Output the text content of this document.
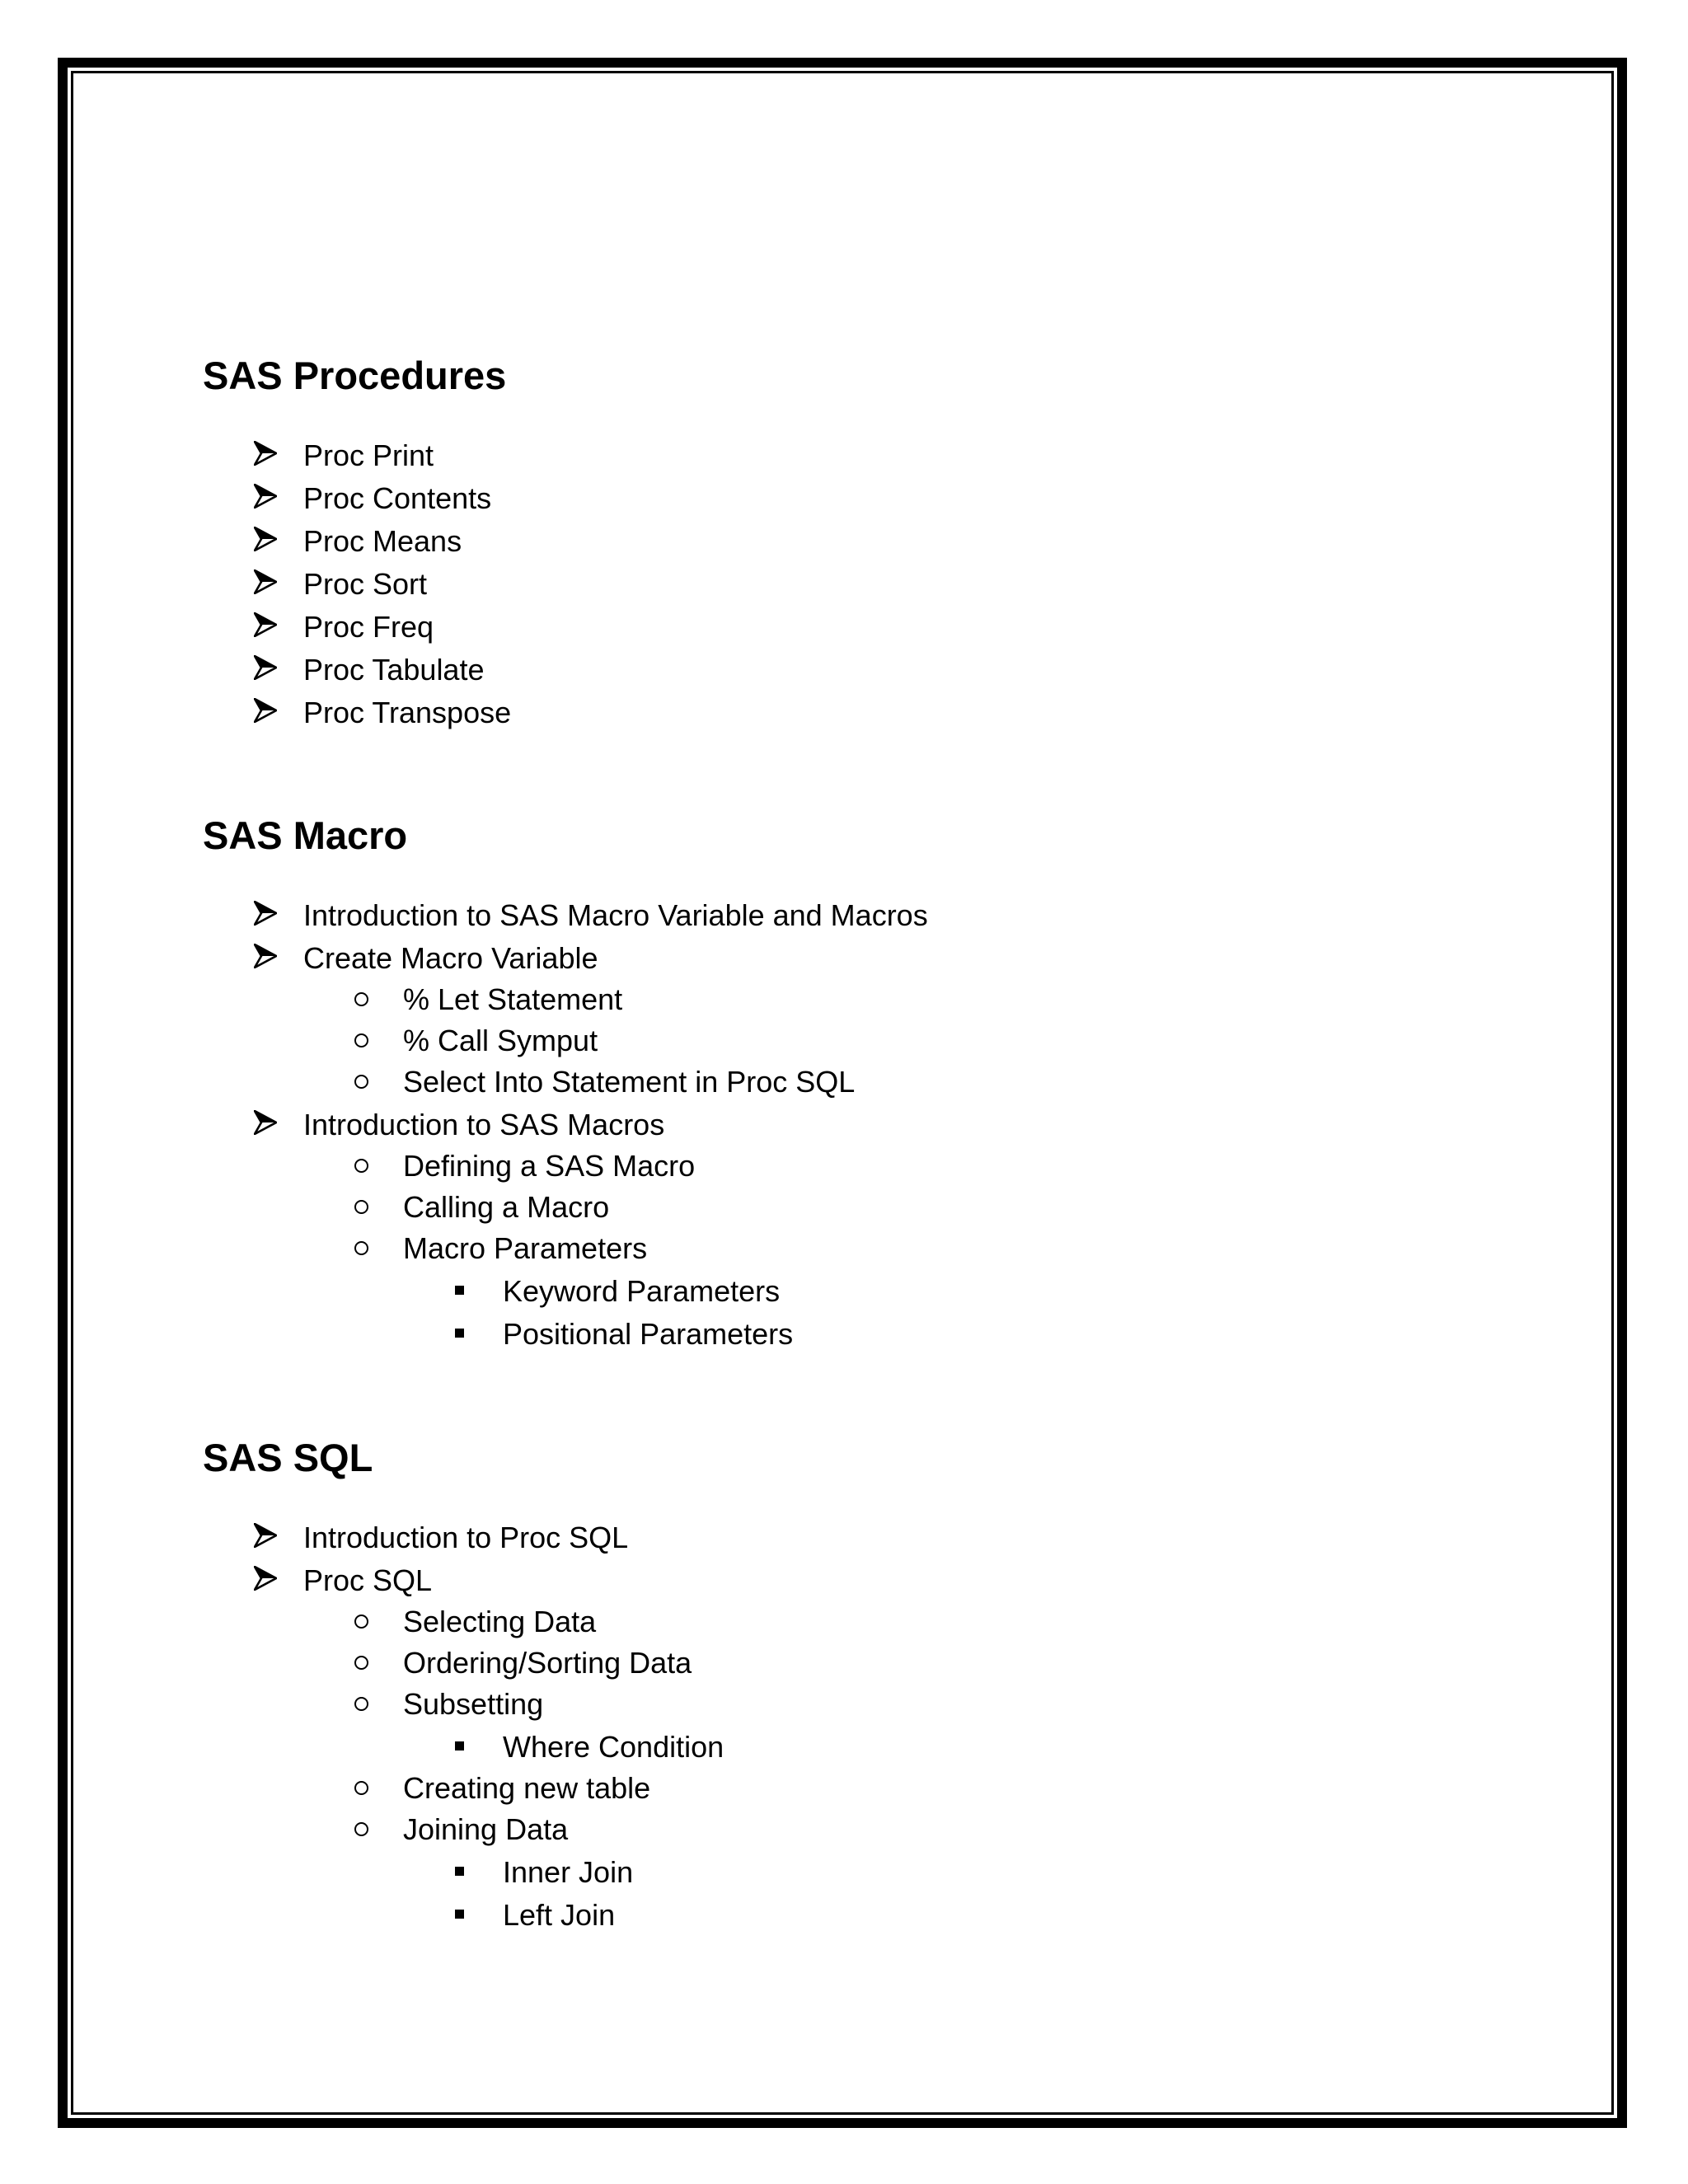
SAS Procedures
Proc Print
Proc Contents
Proc Means
Proc Sort
Proc Freq
Proc Tabulate
Proc Transpose
SAS Macro
Introduction to SAS Macro Variable and Macros
Create Macro Variable
% Let Statement
% Call Symput
Select Into Statement in Proc SQL
Introduction to SAS Macros
Defining a SAS Macro
Calling a Macro
Macro Parameters
Keyword Parameters
Positional Parameters
SAS SQL
Introduction to Proc SQL
Proc SQL
Selecting Data
Ordering/Sorting Data
Subsetting
Where Condition
Creating new table
Joining Data
Inner Join
Left Join
